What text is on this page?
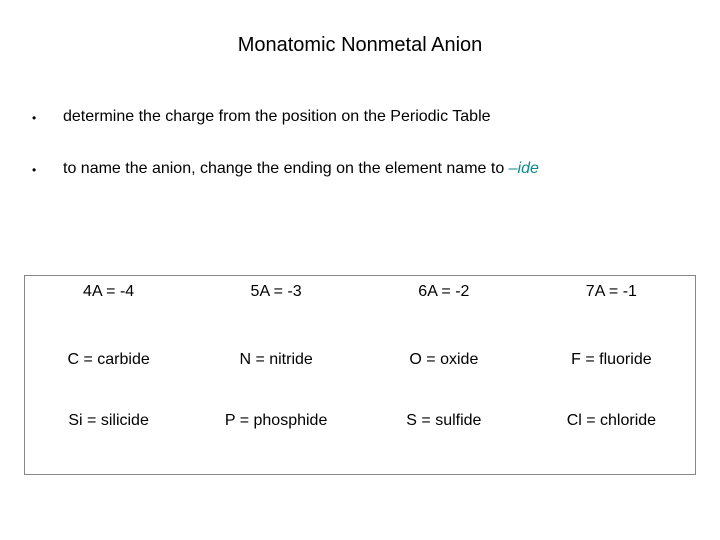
Monatomic Nonmetal Anion
• determine the charge from the position on the Periodic Table
• to name the anion, change the ending on the element name to –ide
4A = -4	5A = -3	6A = -2	7A = -1
C = carbide	N = nitride	O = oxide	F = fluoride
Si = silicide	P = phosphide	S = sulfide	Cl = chloride
